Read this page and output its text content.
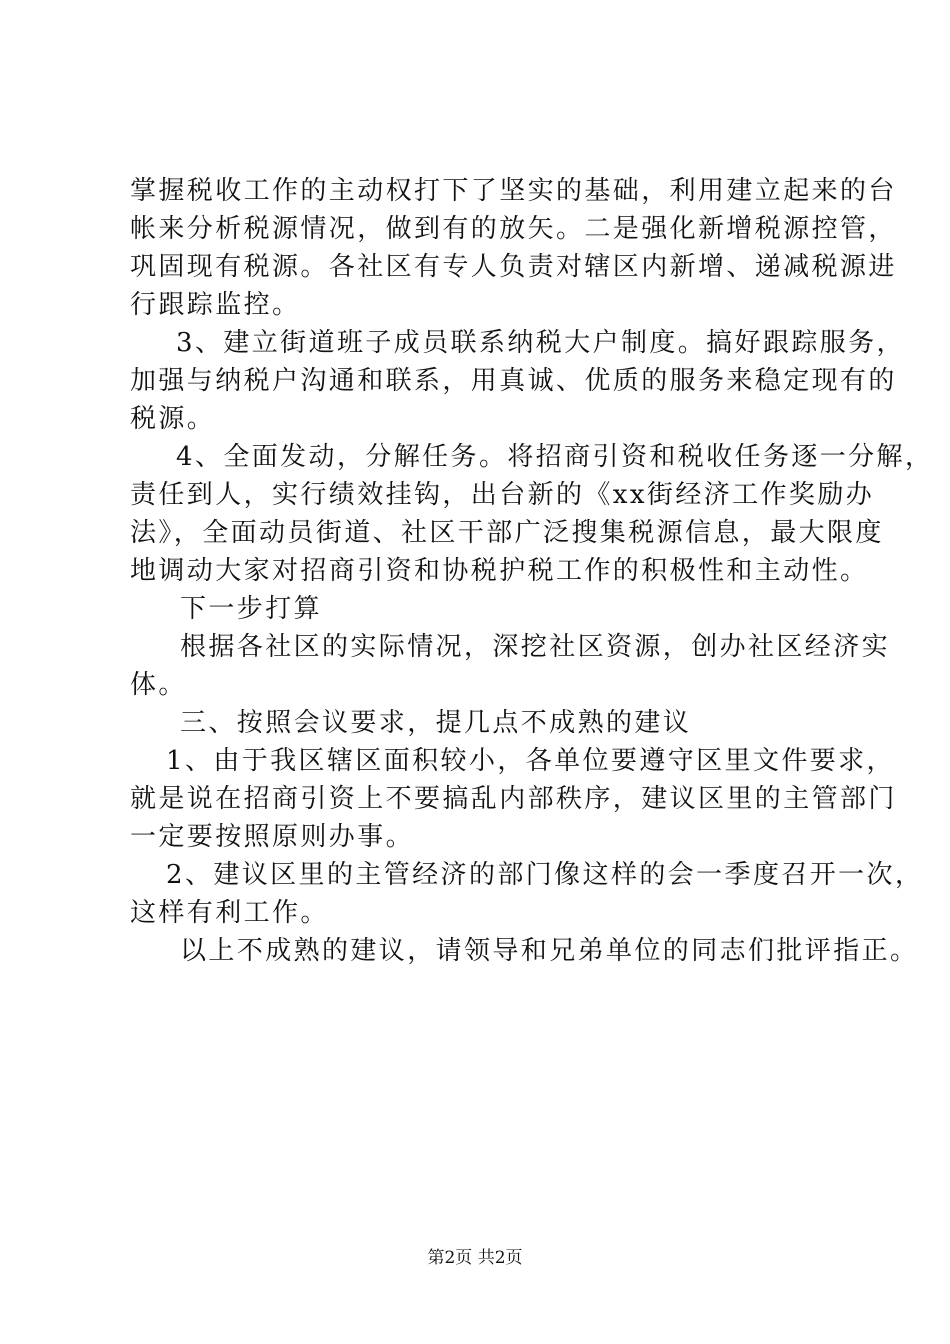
掌握税收工作的主动权打下了坚实的基础，利用建立起来的台
帐来分析税源情况，做到有的放矢。二是强化新增税源控管，
巩固现有税源。各社区有专人负责对辖区内新增、递减税源进
行跟踪监控。
3、建立街道班子成员联系纳税大户制度。搞好跟踪服务，
加强与纳税户沟通和联系，用真诚、优质的服务来稳定现有的
税源。
4、全面发动，分解任务。将招商引资和税收任务逐一分解，
责任到人，实行绩效挂钩，出台新的《xx街经济工作奖励办
法》，全面动员街道、社区干部广泛搜集税源信息，最大限度
地调动大家对招商引资和协税护税工作的积极性和主动性。
下一步打算
根据各社区的实际情况，深挖社区资源，创办社区经济实
体。
三、按照会议要求，提几点不成熟的建议
1、由于我区辖区面积较小，各单位要遵守区里文件要求，
就是说在招商引资上不要搞乱内部秩序，建议区里的主管部门
一定要按照原则办事。
2、建议区里的主管经济的部门像这样的会一季度召开一次，
这样有利工作。
以上不成熟的建议，请领导和兄弟单位的同志们批评指正。
第2页 共2页
